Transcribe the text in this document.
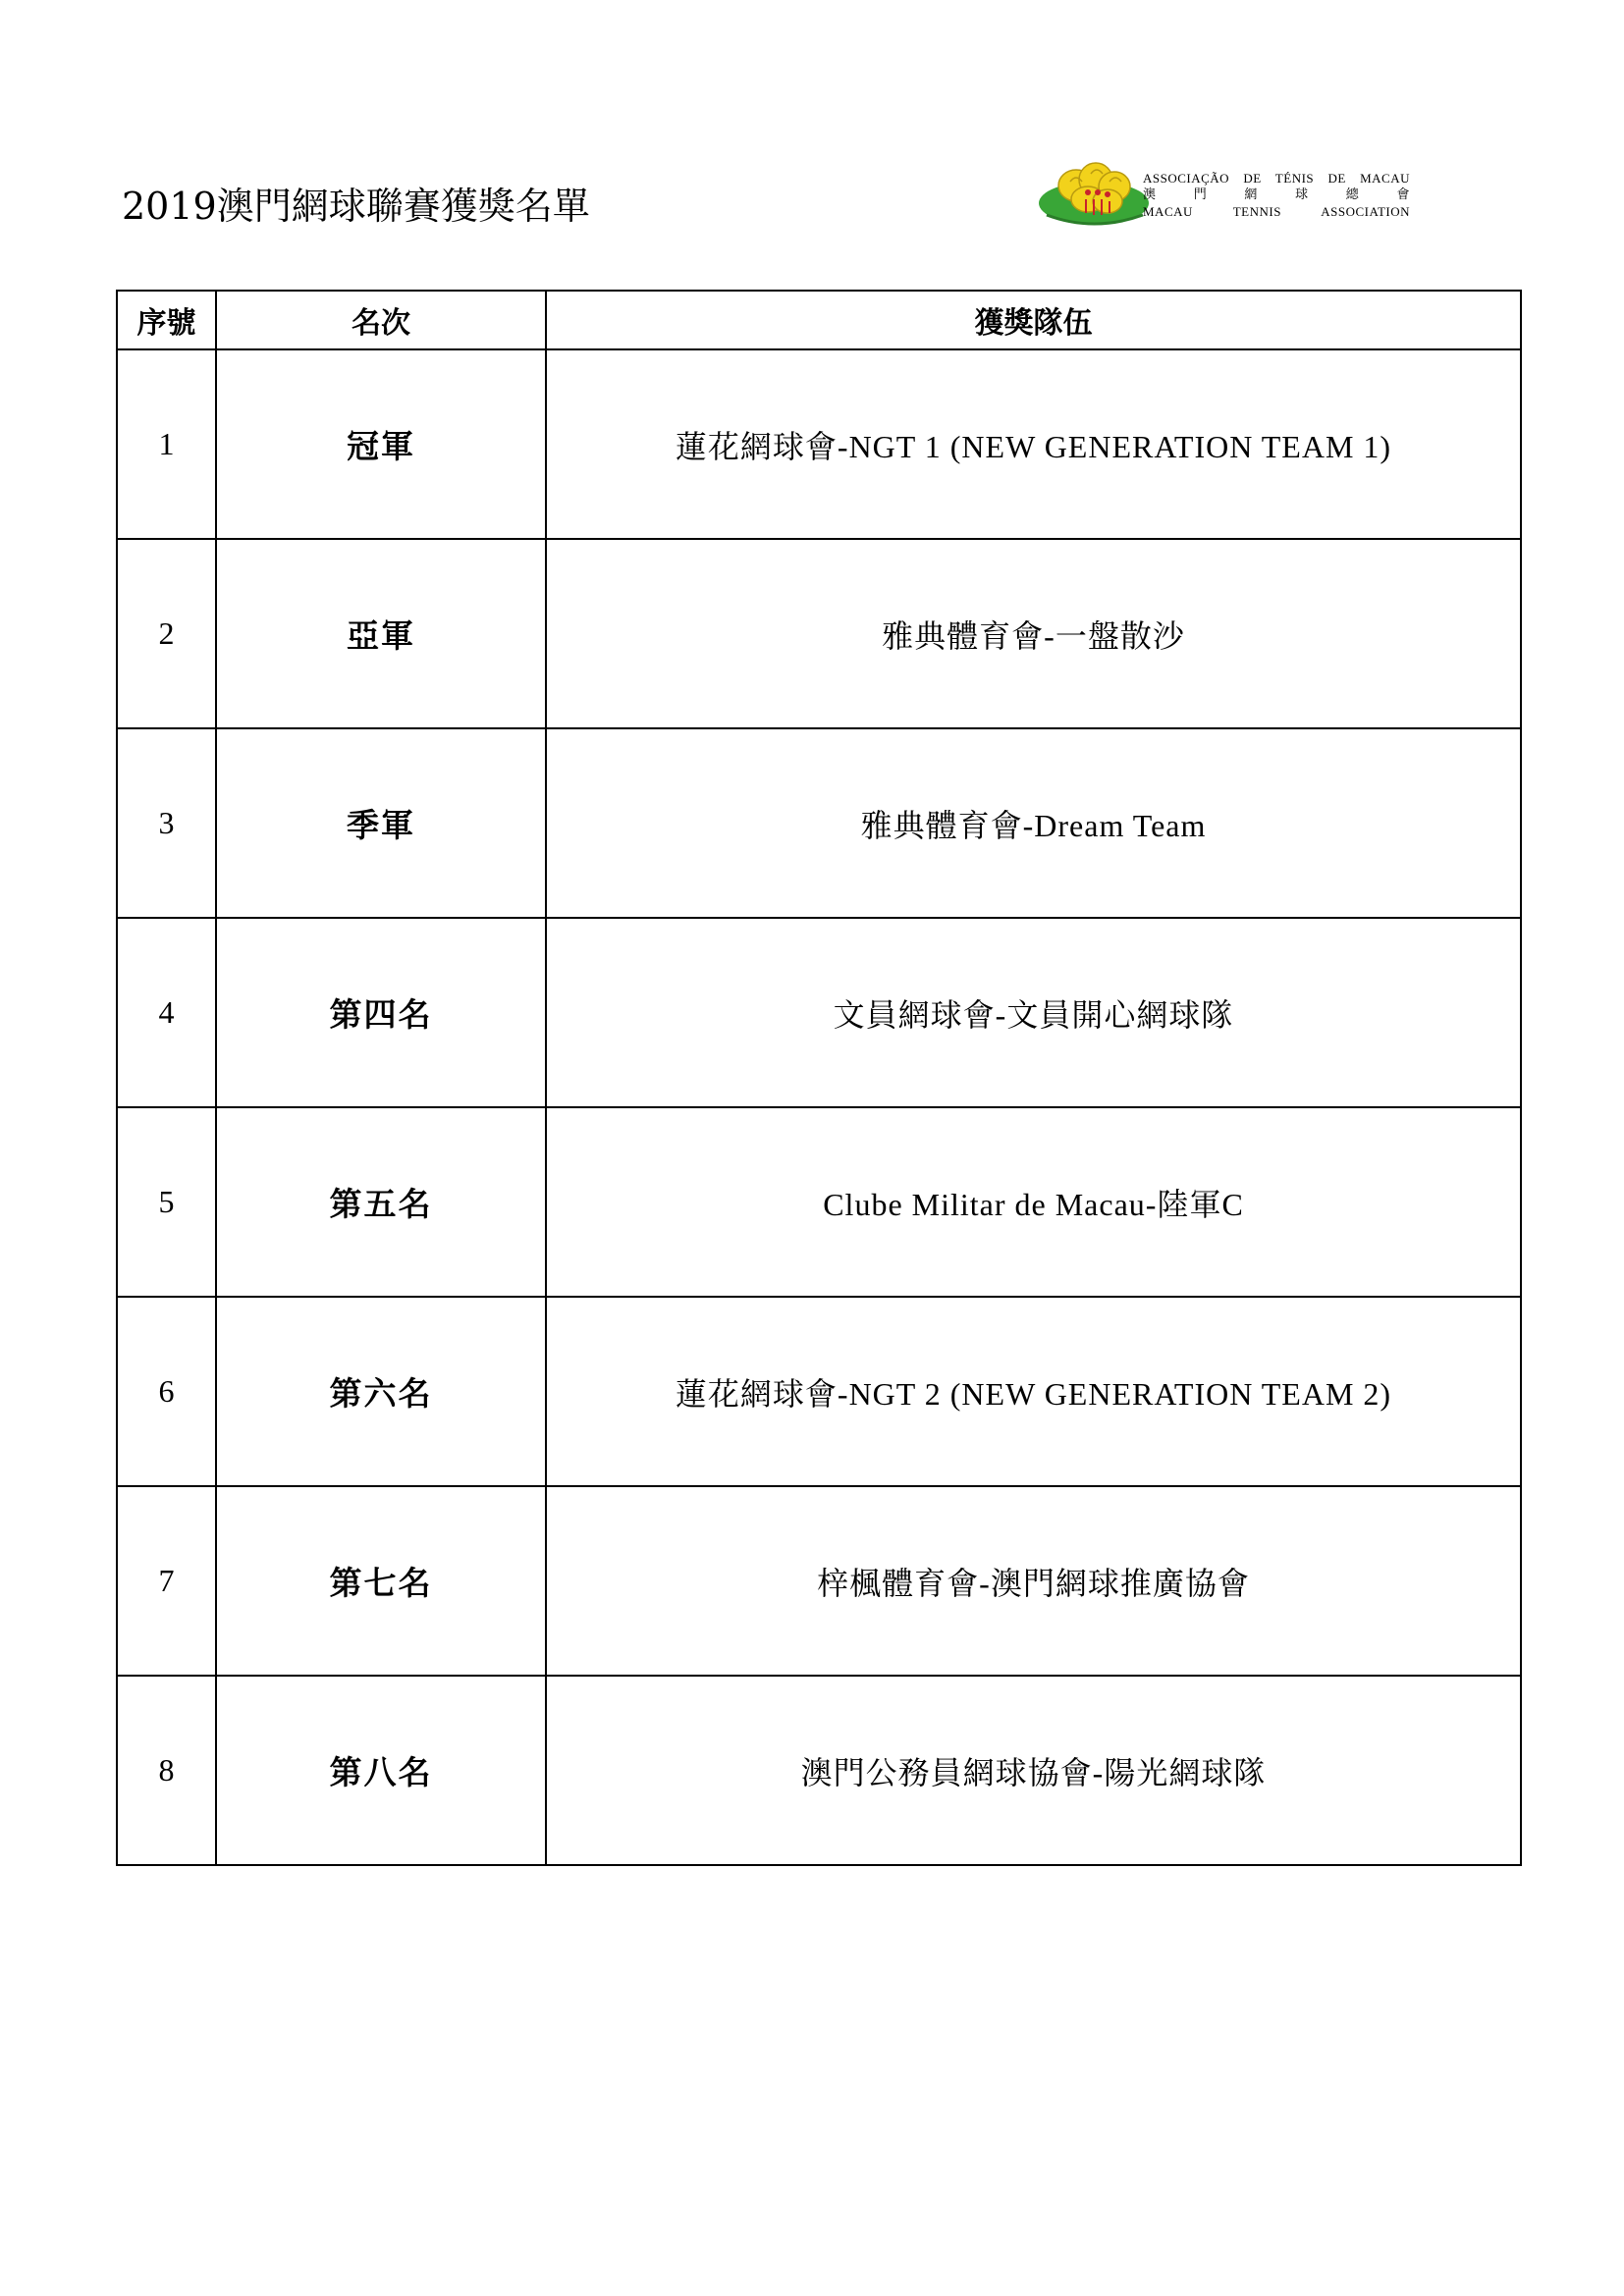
2019澳門網球聯賽獲獎名單
ASSOCIAÇÃO DE TÉNIS DE MACAU
澳 門 網 球 總 會
MACAU TENNIS ASSOCIATION
序號	名次	獲獎隊伍
1	冠軍	蓮花網球會-NGT 1 (NEW GENERATION TEAM 1)
2	亞軍	雅典體育會-一盤散沙
3	季軍	雅典體育會-Dream Team
4	第四名	文員網球會-文員開心網球隊
5	第五名	Clube Militar de Macau-陸軍C
6	第六名	蓮花網球會-NGT 2 (NEW GENERATION TEAM 2)
7	第七名	梓楓體育會-澳門網球推廣協會
8	第八名	澳門公務員網球協會-陽光網球隊
